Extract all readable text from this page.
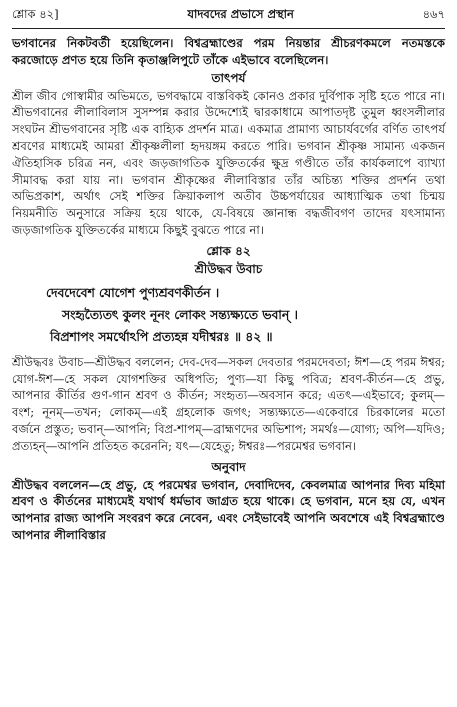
শ্লোক ৪২]	যাদবদের প্রভাসে প্রস্থান	৪৬৭

ভগবানের নিকটবর্তী হয়েছিলেন। বিশ্বব্রহ্মাণ্ডের পরম নিয়ন্তার শ্রীচরণকমলে নতমস্তকে করজোড়ে প্রণত হয়ে তিনি কৃতাঞ্জলিপুটে তাঁকে এইভাবে বলেছিলেন।

তাৎপর্য

শ্রীল জীব গোস্বামীর অভিমতে, ভগবদ্ধামে বাস্তবিকই কোনও প্রকার দুর্বিপাক সৃষ্টি হতে পারে না। শ্রীভগবানের লীলাবিলাস সুসম্পন্ন করার উদ্দেশ্যেই দ্বারকাধামে আপাতদৃষ্ট তুমুল ধ্বংসলীলার সংঘটন শ্রীভগবানের সৃষ্টি এক বাহ্যিক প্রদর্শন মাত্র। একমাত্র প্রামাণ্য আচার্যবর্গের বর্ণিত তাৎপর্য শ্রবণের মাধ্যমেই আমরা শ্রীকৃষ্ণলীলা হৃদয়ঙ্গম করতে পারি। ভগবান শ্রীকৃষ্ণ সামান্য একজন ঐতিহাসিক চরিত্র নন, এবং জড়জাগতিক যুক্তিতর্কের ক্ষুদ্র গণ্ডীতে তাঁর কার্যকলাপে ব্যাখ্যা সীমাবদ্ধ করা যায় না। ভগবান শ্রীকৃষ্ণের লীলাবিস্তার তাঁর অচিন্ত্য শক্তির প্রদর্শন তথা অভিপ্রকাশ, অর্থাৎ সেই শক্তির ক্রিয়াকলাপ অতীব উচ্চপর্যায়ের আধ্যাত্মিক তথা চিন্ময় নিয়মনীতি অনুসারে সক্রিয় হয়ে থাকে, যে-বিষয়ে জ্ঞানান্ধ বদ্ধজীবগণ তাদের যৎসামান্য জড়জাগতিক যুক্তিতর্কের মাধ্যমে কিছুই বুঝতে পারে না।

শ্লোক ৪২
শ্রীউদ্ধব উবাচ
দেবদেবেশ যোগেশ পুণ্যশ্রবণকীর্তন ।
সংহৃত্যৈতৎ কুলং নূনং লোকং সন্ত্যক্ষ্যতে ভবান্ ।
বিপ্রশাপং সমর্থোঽপি প্রত্যহন্ন যদীশ্বরঃ ॥ ৪২ ॥

শ্রীউদ্ধবঃ উবাচ—শ্রীউদ্ধব বললেন; দেব-দেব—সকল দেবতার পরমদেবতা; ঈশ—হে পরম ঈশ্বর; যোগ-ঈশ—হে সকল যোগশক্তির অধিপতি; পুণ্য—যা কিছু পবিত্র; শ্রবণ-কীর্তন—হে প্রভু, আপনার কীর্তির গুণ-গান শ্রবণ ও কীর্তন; সংহৃত্য—অবসান করে; এতৎ—এইভাবে; কুলম্—বংশ; নূনম্—তখন; লোকম্—এই গ্রহলোক জগৎ; সন্ত্যক্ষ্যতে—একেবারে চিরকালের মতো বর্জনে প্রস্তুত; ভবান্—আপনি; বিপ্র-শাপম্—ব্রাহ্মণদের অভিশাপ; সমর্থঃ—যোগ্য; অপি—যদিও; প্রত্যহন্—আপনি প্রতিহত করেননি; যৎ—যেহেতু; ঈশ্বরঃ—পরমেশ্বর ভগবান।

অনুবাদ

শ্রীউদ্ধব বললেন—হে প্রভু, হে পরমেশ্বর ভগবান, দেবাদিদেব, কেবলমাত্র আপনার দিব্য মহিমা শ্রবণ ও কীর্তনের মাধ্যমেই যথার্থ ধর্মভাব জাগ্রত হয়ে থাকে। হে ভগবান, মনে হয় যে, এখন আপনার রাজ্য আপনি সংবরণ করে নেবেন, এবং সেইভাবেই আপনি অবশেষে এই বিশ্বব্রহ্মাণ্ডে আপনার লীলাবিস্তার
